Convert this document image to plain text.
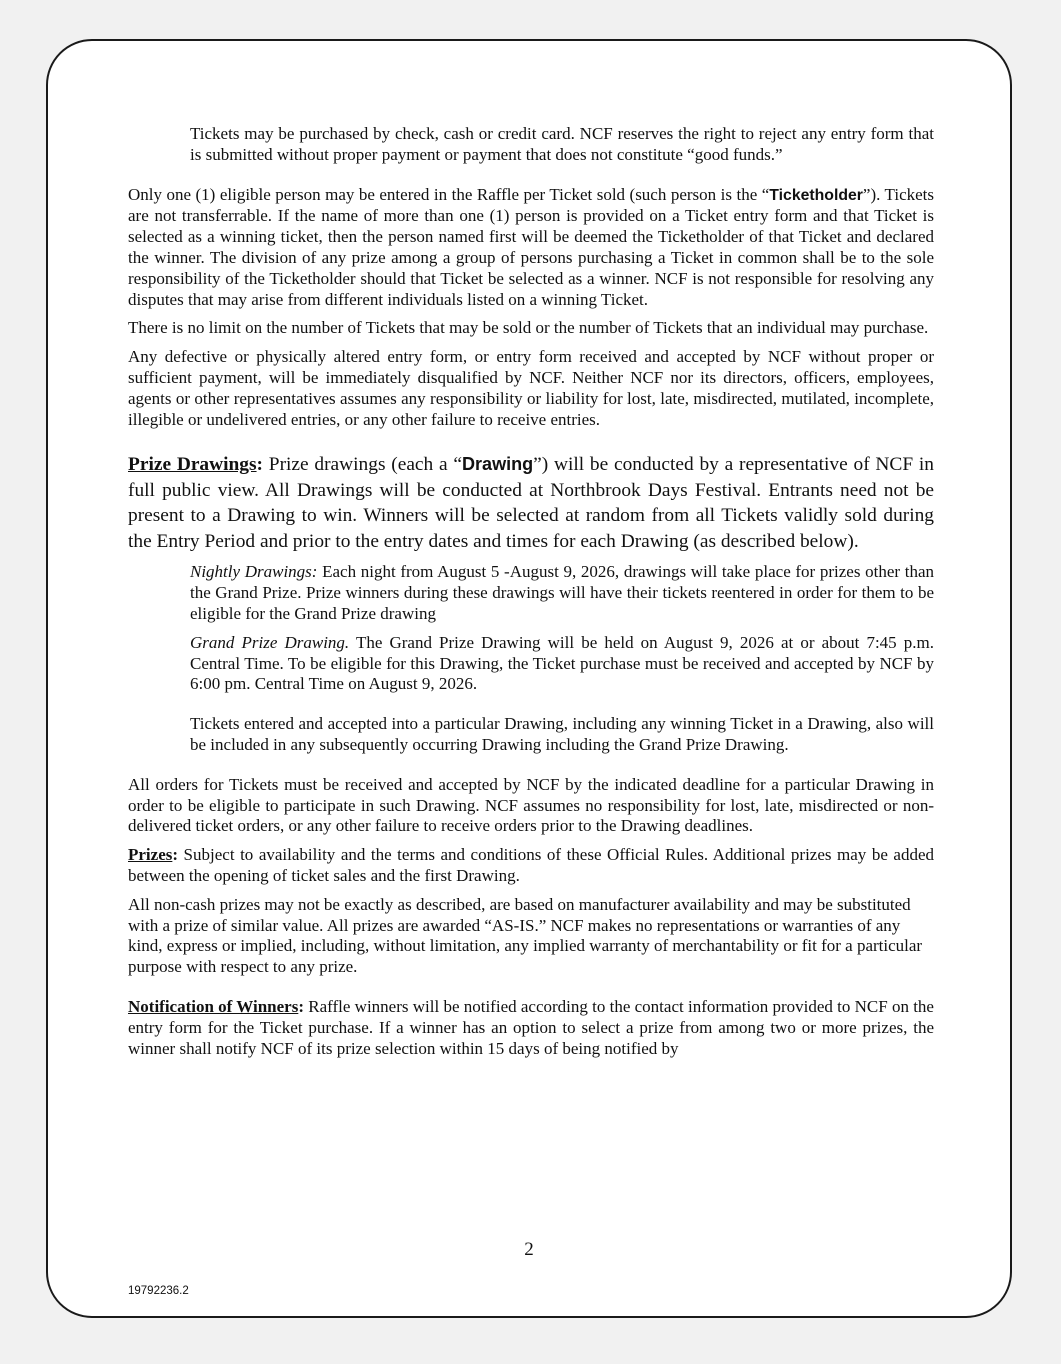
Tickets may be purchased by check, cash or credit card. NCF reserves the right to reject any entry form that is submitted without proper payment or payment that does not constitute “good funds.”

Only one (1) eligible person may be entered in the Raffle per Ticket sold (such person is the “Ticketholder”). Tickets are not transferrable. If the name of more than one (1) person is provided on a Ticket entry form and that Ticket is selected as a winning ticket, then the person named first will be deemed the Ticketholder of that Ticket and declared the winner. The division of any prize among a group of persons purchasing a Ticket in common shall be to the sole responsibility of the Ticketholder should that Ticket be selected as a winner. NCF is not responsible for resolving any disputes that may arise from different individuals listed on a winning Ticket.

There is no limit on the number of Tickets that may be sold or the number of Tickets that an individual may purchase.

Any defective or physically altered entry form, or entry form received and accepted by NCF without proper or sufficient payment, will be immediately disqualified by NCF. Neither NCF nor its directors, officers, employees, agents or other representatives assumes any responsibility or liability for lost, late, misdirected, mutilated, incomplete, illegible or undelivered entries, or any other failure to receive entries.

Prize Drawings: Prize drawings (each a “Drawing”) will be conducted by a representative of NCF in full public view. All Drawings will be conducted at Northbrook Days Festival. Entrants need not be present to a Drawing to win. Winners will be selected at random from all Tickets validly sold during the Entry Period and prior to the entry dates and times for each Drawing (as described below).

Nightly Drawings: Each night from August 5 -August 9, 2026, drawings will take place for prizes other than the Grand Prize. Prize winners during these drawings will have their tickets reentered in order for them to be eligible for the Grand Prize drawing

Grand Prize Drawing. The Grand Prize Drawing will be held on August 9, 2026 at or about 7:45 p.m. Central Time. To be eligible for this Drawing, the Ticket purchase must be received and accepted by NCF by 6:00 pm. Central Time on August 9, 2026.

Tickets entered and accepted into a particular Drawing, including any winning Ticket in a Drawing, also will be included in any subsequently occurring Drawing including the Grand Prize Drawing.

All orders for Tickets must be received and accepted by NCF by the indicated deadline for a particular Drawing in order to be eligible to participate in such Drawing. NCF assumes no responsibility for lost, late, misdirected or non-delivered ticket orders, or any other failure to receive orders prior to the Drawing deadlines.

Prizes: Subject to availability and the terms and conditions of these Official Rules. Additional prizes may be added between the opening of ticket sales and the first Drawing.

All non-cash prizes may not be exactly as described, are based on manufacturer availability and may be substituted with a prize of similar value. All prizes are awarded “AS-IS.” NCF makes no representations or warranties of any kind, express or implied, including, without limitation, any implied warranty of merchantability or fit for a particular purpose with respect to any prize.

Notification of Winners: Raffle winners will be notified according to the contact information provided to NCF on the entry form for the Ticket purchase. If a winner has an option to select a prize from among two or more prizes, the winner shall notify NCF of its prize selection within 15 days of being notified by

2
19792236.2
